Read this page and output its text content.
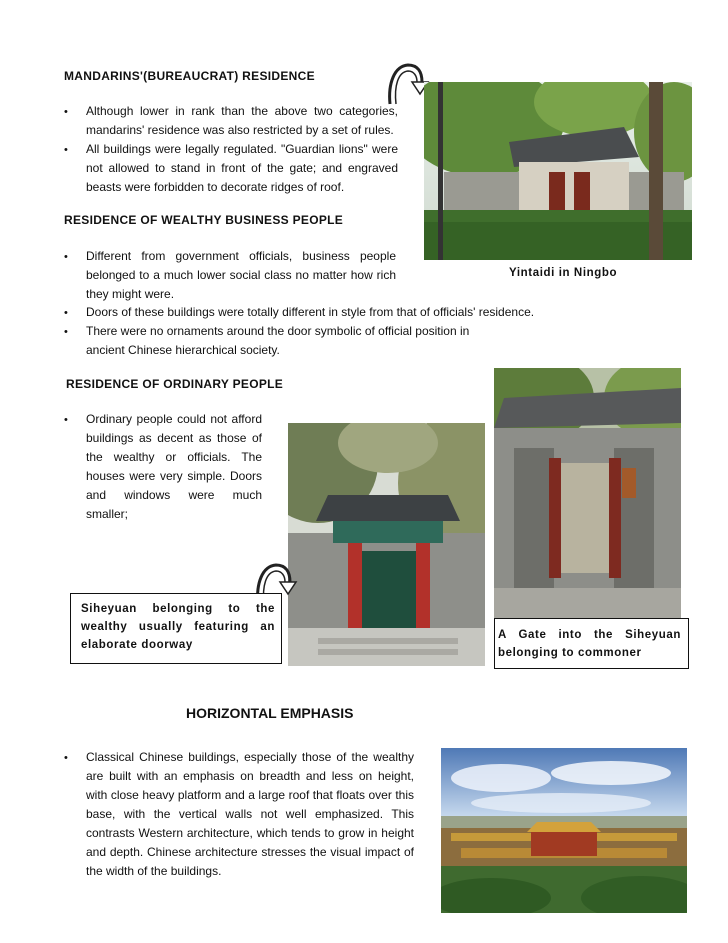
MANDARINS'(BUREAUCRAT) RESIDENCE
• Although lower in rank than the above two categories, mandarins' residence was also restricted by a set of rules.

• All buildings were legally regulated. "Guardian lions" were not allowed to stand in front of the gate; and engraved beasts were forbidden to decorate ridges of roof.

Yintaidi in Ningbo
RESIDENCE OF WEALTHY BUSINESS PEOPLE
• Different from government officials, business people belonged to a much lower social class no matter how rich they might were.

• Doors of these buildings were totally different in style from that of officials' residence.

• There were no ornaments around the door symbolic of official position in ancient Chinese hierarchical society.

RESIDENCE OF ORDINARY PEOPLE
• Ordinary people could not afford buildings as decent as those of the wealthy or officials. The houses were very simple. Doors and windows were much smaller;

Siheyuan belonging to the wealthy usually featuring an elaborate doorway
A Gate into the Siheyuan belonging to commoner
HORIZONTAL EMPHASIS
• Classical Chinese buildings, especially those of the wealthy are built with an emphasis on breadth and less on height, with close heavy platform and a large roof that floats over this base, with the vertical walls not well emphasized. This contrasts Western architecture, which tends to grow in height and depth. Chinese architecture stresses the visual impact of the width of the buildings.
